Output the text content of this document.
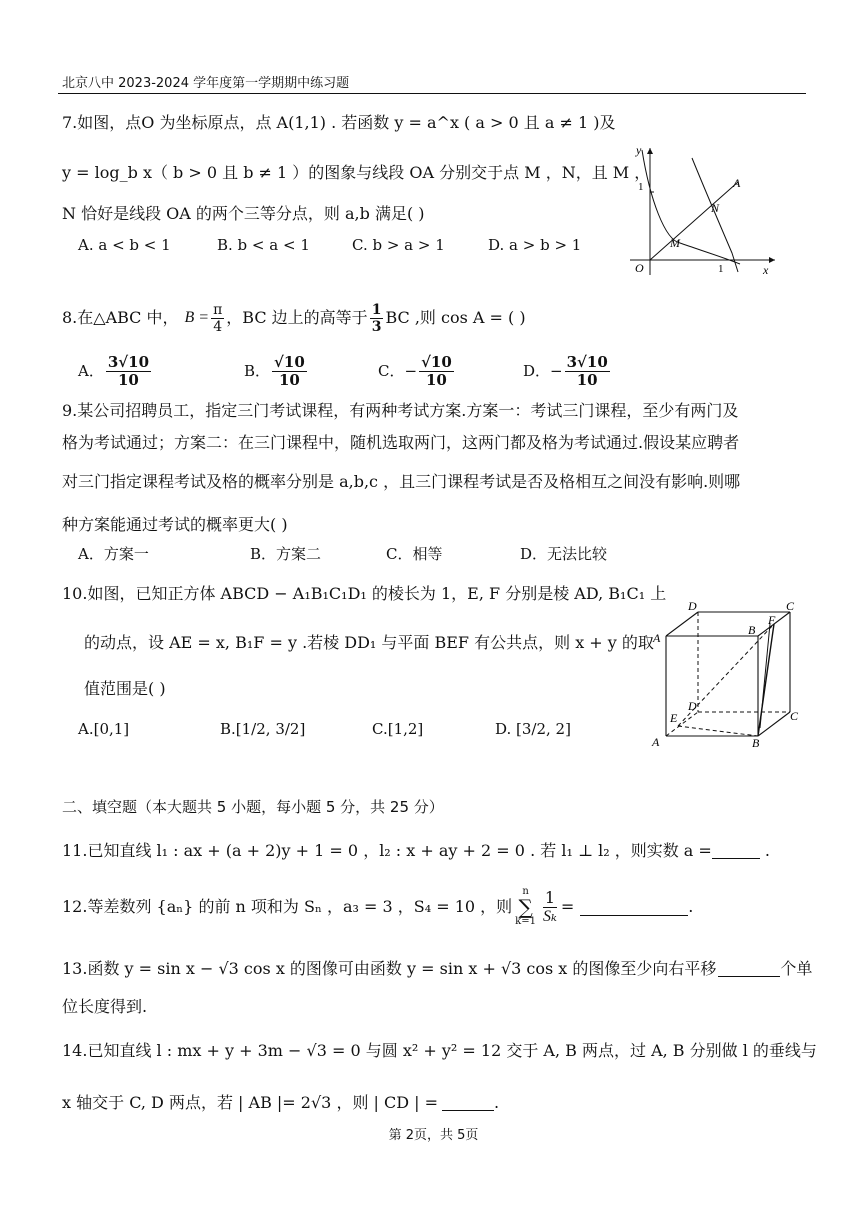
北京八中 2023-2024 学年度第一学期期中练习题
7.如图，点O 为坐标原点，点 A(1,1) . 若函数 y = a^x ( a > 0 且 a ≠ 1 )及
y = log_b x（ b > 0 且 b ≠ 1 ）的图象与线段 OA 分别交于点 M ，N，且 M ，
N 恰好是线段 OA 的两个三等分点，则 a,b 满足( )
A. a < b < 1	B. b < a < 1	C. b > a > 1	D. a > b > 1
y
x
O
1
1
A
N
M
8.在△ABC 中， $B = \frac{\pi}{4}$ ，BC 边上的高等于 $\frac{1}{3}$ BC ,则 cos A = ( )
A． $\frac{3√10}{10}$	B． $\frac{√10}{10}$	C． − $\frac{√10}{10}$	D． − $\frac{3√10}{10}$
9.某公司招聘员工，指定三门考试课程，有两种考试方案.方案一：考试三门课程，至少有两门及
格为考试通过；方案二：在三门课程中，随机选取两门，这两门都及格为考试通过.假设某应聘者
对三门指定课程考试及格的概率分别是 a,b,c ，且三门课程考试是否及格相互之间没有影响.则哪
种方案能通过考试的概率更大( )
A．方案一	B．方案二	C．相等	D．无法比较
10.如图，已知正方体 ABCD − A₁B₁C₁D₁ 的棱长为 1，E, F 分别是棱 AD, B₁C₁ 上
的动点，设 AE = x, B₁F = y .若棱 DD₁ 与平面 BEF 有公共点，则 x + y 的取
值范围是( )
A.[0,1]	B.[1/2, 3/2]	C.[1,2]	D. [3/2, 2]
D	C
A
B
F
D
E	C
A	B
二、填空题（本大题共 5 小题，每小题 5 分，共 25 分）
11.已知直线 l₁ : ax + (a + 2)y + 1 = 0 ，l₂ : x + ay + 2 = 0 . 若 l₁ ⊥ l₂ ，则实数 a =	.
12.等差数列 {aₙ} 的前 n 项和为 Sₙ ，a₃ = 3 ，S₄ = 10 ，则
n
∑
$k=1 \frac{1}{\text{Sₖ}}$ =	.
13.函数 y = sin x − √3 cos x 的图像可由函数 y = sin x + √3 cos x 的图像至少向右平移	个单
位长度得到.
14.已知直线 l : mx + y + 3m − √3 = 0 与圆 x² + y² = 12 交于 A, B 两点，过 A, B 分别做 l 的垂线与
x 轴交于 C, D 两点，若 | AB |= 2√3 ，则 | CD | =	.
第 2页，共 5页
